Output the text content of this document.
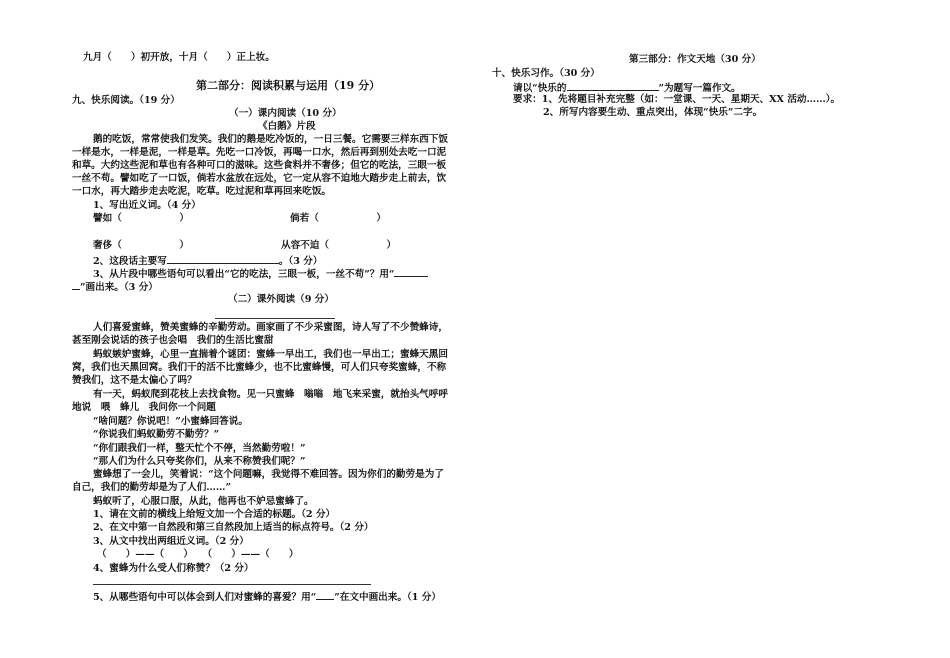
九月（　　）初开放，十月（　　）正上妆。
第二部分：阅读积累与运用（19 分）
九、快乐阅读。（19 分）
（一）课内阅读（10 分）
《白鹅》片段
鹅的吃饭，常常使我们发笑。我们的鹅是吃冷饭的，一日三餐。它需要三样东西下饭
一样是水，一样是泥，一样是草。先吃一口冷饭，再喝一口水，然后再到别处去吃一口泥
和草。大约这些泥和草也有各种可口的滋味。这些食料并不奢侈；但它的吃法，三眼一板
一丝不苟。譬如吃了一口饭，倘若水盆放在远处，它一定从容不迫地大踏步走上前去，饮
一口水，再大踏步走去吃泥，吃草。吃过泥和草再回来吃饭。
1、写出近义词。（4 分）
譬如（　　　　　　）	倘若（　　　　　　）
奢侈（　　　　　　）	从容不迫（　　　　　　）
2、这段话主要写	。（3 分）
3、从片段中哪些语句可以看出“它的吃法，三眼一板，一丝不苟”？用“
”画出来。（3 分）
（二）课外阅读（9 分）
人们喜爱蜜蜂，赞美蜜蜂的辛勤劳动。画家画了不少采蜜图，诗人写了不少赞蜂诗，
甚至刚会说话的孩子也会唱　我们的生活比蜜甜
蚂蚁嫉妒蜜蜂，心里一直揣着个谜团：蜜蜂一早出工，我们也一早出工；蜜蜂天黑回
窝，我们也天黑回窝。我们干的活不比蜜蜂少，也不比蜜蜂慢，可人们只夸奖蜜蜂，不称
赞我们，这不是太偏心了吗？
有一天，蚂蚁爬到花枝上去找食物。见一只蜜蜂　嗡嗡　地飞来采蜜，就抬头气呼呼
地说　喂　蜂儿　我问你一个问题
“啥问题？你说吧！”小蜜蜂回答说。
“你说我们蚂蚁勤劳不勤劳？”
“你们跟我们一样，整天忙个不停，当然勤劳啦！”
“那人们为什么只夸奖你们，从来不称赞我们呢？”
蜜蜂想了一会儿，笑着说：“这个问题嘛，我觉得不难回答。因为你们的勤劳是为了
自己，我们的勤劳却是为了人们……”
蚂蚁听了，心服口服，从此，他再也不妒忌蜜蜂了。
1、请在文前的横线上给短文加一个合适的标题。（2 分）
2、在文中第一自然段和第三自然段加上适当的标点符号。（2 分）
3、从文中找出两组近义词。（2 分）
（　　）——（　　）　　（　　）——（　　）
4、蜜蜂为什么受人们称赞？（2 分）
5、从哪些语句中可以体会到人们对蜜蜂的喜爱？用“ ”在文中画出来。（1 分）
第三部分：作文天地（30 分）
十、快乐习作。（30 分）
请以“快乐的	”为题写一篇作文。
要求：1、先将题目补充完整（如：一堂课、一天、星期天、XX 活动……）。
2、所写内容要生动、重点突出，体现“快乐”二字。
